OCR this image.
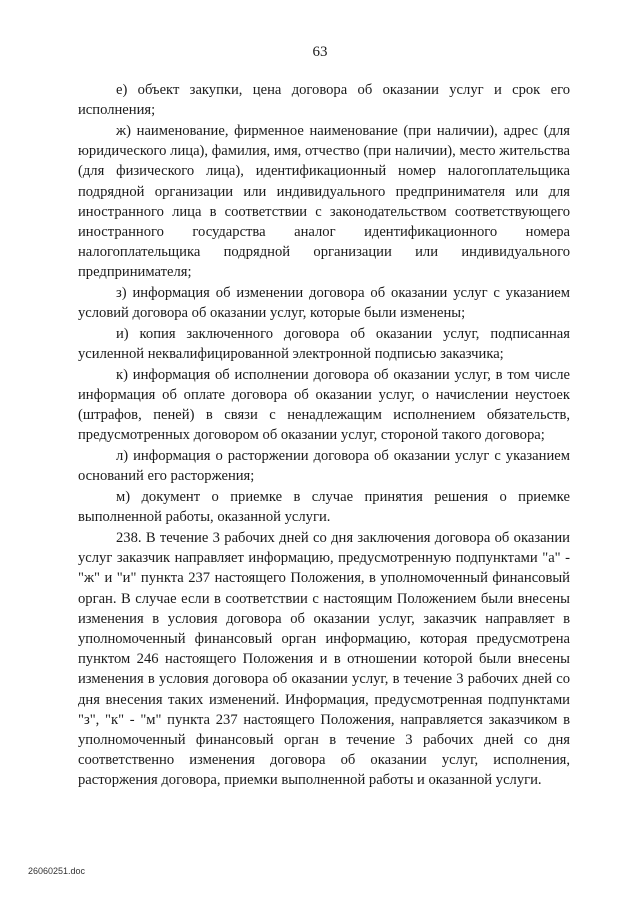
63

е) объект закупки, цена договора об оказании услуг и срок его исполнения;

ж) наименование, фирменное наименование (при наличии), адрес (для юридического лица), фамилия, имя, отчество (при наличии), место жительства (для физического лица), идентификационный номер налогоплательщика подрядной организации или индивидуального предпринимателя или для иностранного лица в соответствии с законодательством соответствующего иностранного государства аналог идентификационного номера налогоплательщика подрядной организации или индивидуального предпринимателя;

з) информация об изменении договора об оказании услуг с указанием условий договора об оказании услуг, которые были изменены;

и) копия заключенного договора об оказании услуг, подписанная усиленной неквалифицированной электронной подписью заказчика;

к) информация об исполнении договора об оказании услуг, в том числе информация об оплате договора об оказании услуг, о начислении неустоек (штрафов, пеней) в связи с ненадлежащим исполнением обязательств, предусмотренных договором об оказании услуг, стороной такого договора;

л) информация о расторжении договора об оказании услуг с указанием оснований его расторжения;

м) документ о приемке в случае принятия решения о приемке выполненной работы, оказанной услуги.

238. В течение 3 рабочих дней со дня заключения договора об оказании услуг заказчик направляет информацию, предусмотренную подпунктами "а" - "ж" и "и" пункта 237 настоящего Положения, в уполномоченный финансовый орган. В случае если в соответствии с настоящим Положением были внесены изменения в условия договора об оказании услуг, заказчик направляет в уполномоченный финансовый орган информацию, которая предусмотрена пунктом 246 настоящего Положения и в отношении которой были внесены изменения в условия договора об оказании услуг, в течение 3 рабочих дней со дня внесения таких изменений. Информация, предусмотренная подпунктами "з", "к" - "м" пункта 237 настоящего Положения, направляется заказчиком в уполномоченный финансовый орган в течение 3 рабочих дней со дня соответственно изменения договора об оказании услуг, исполнения, расторжения договора, приемки выполненной работы и оказанной услуги.

26060251.doc
